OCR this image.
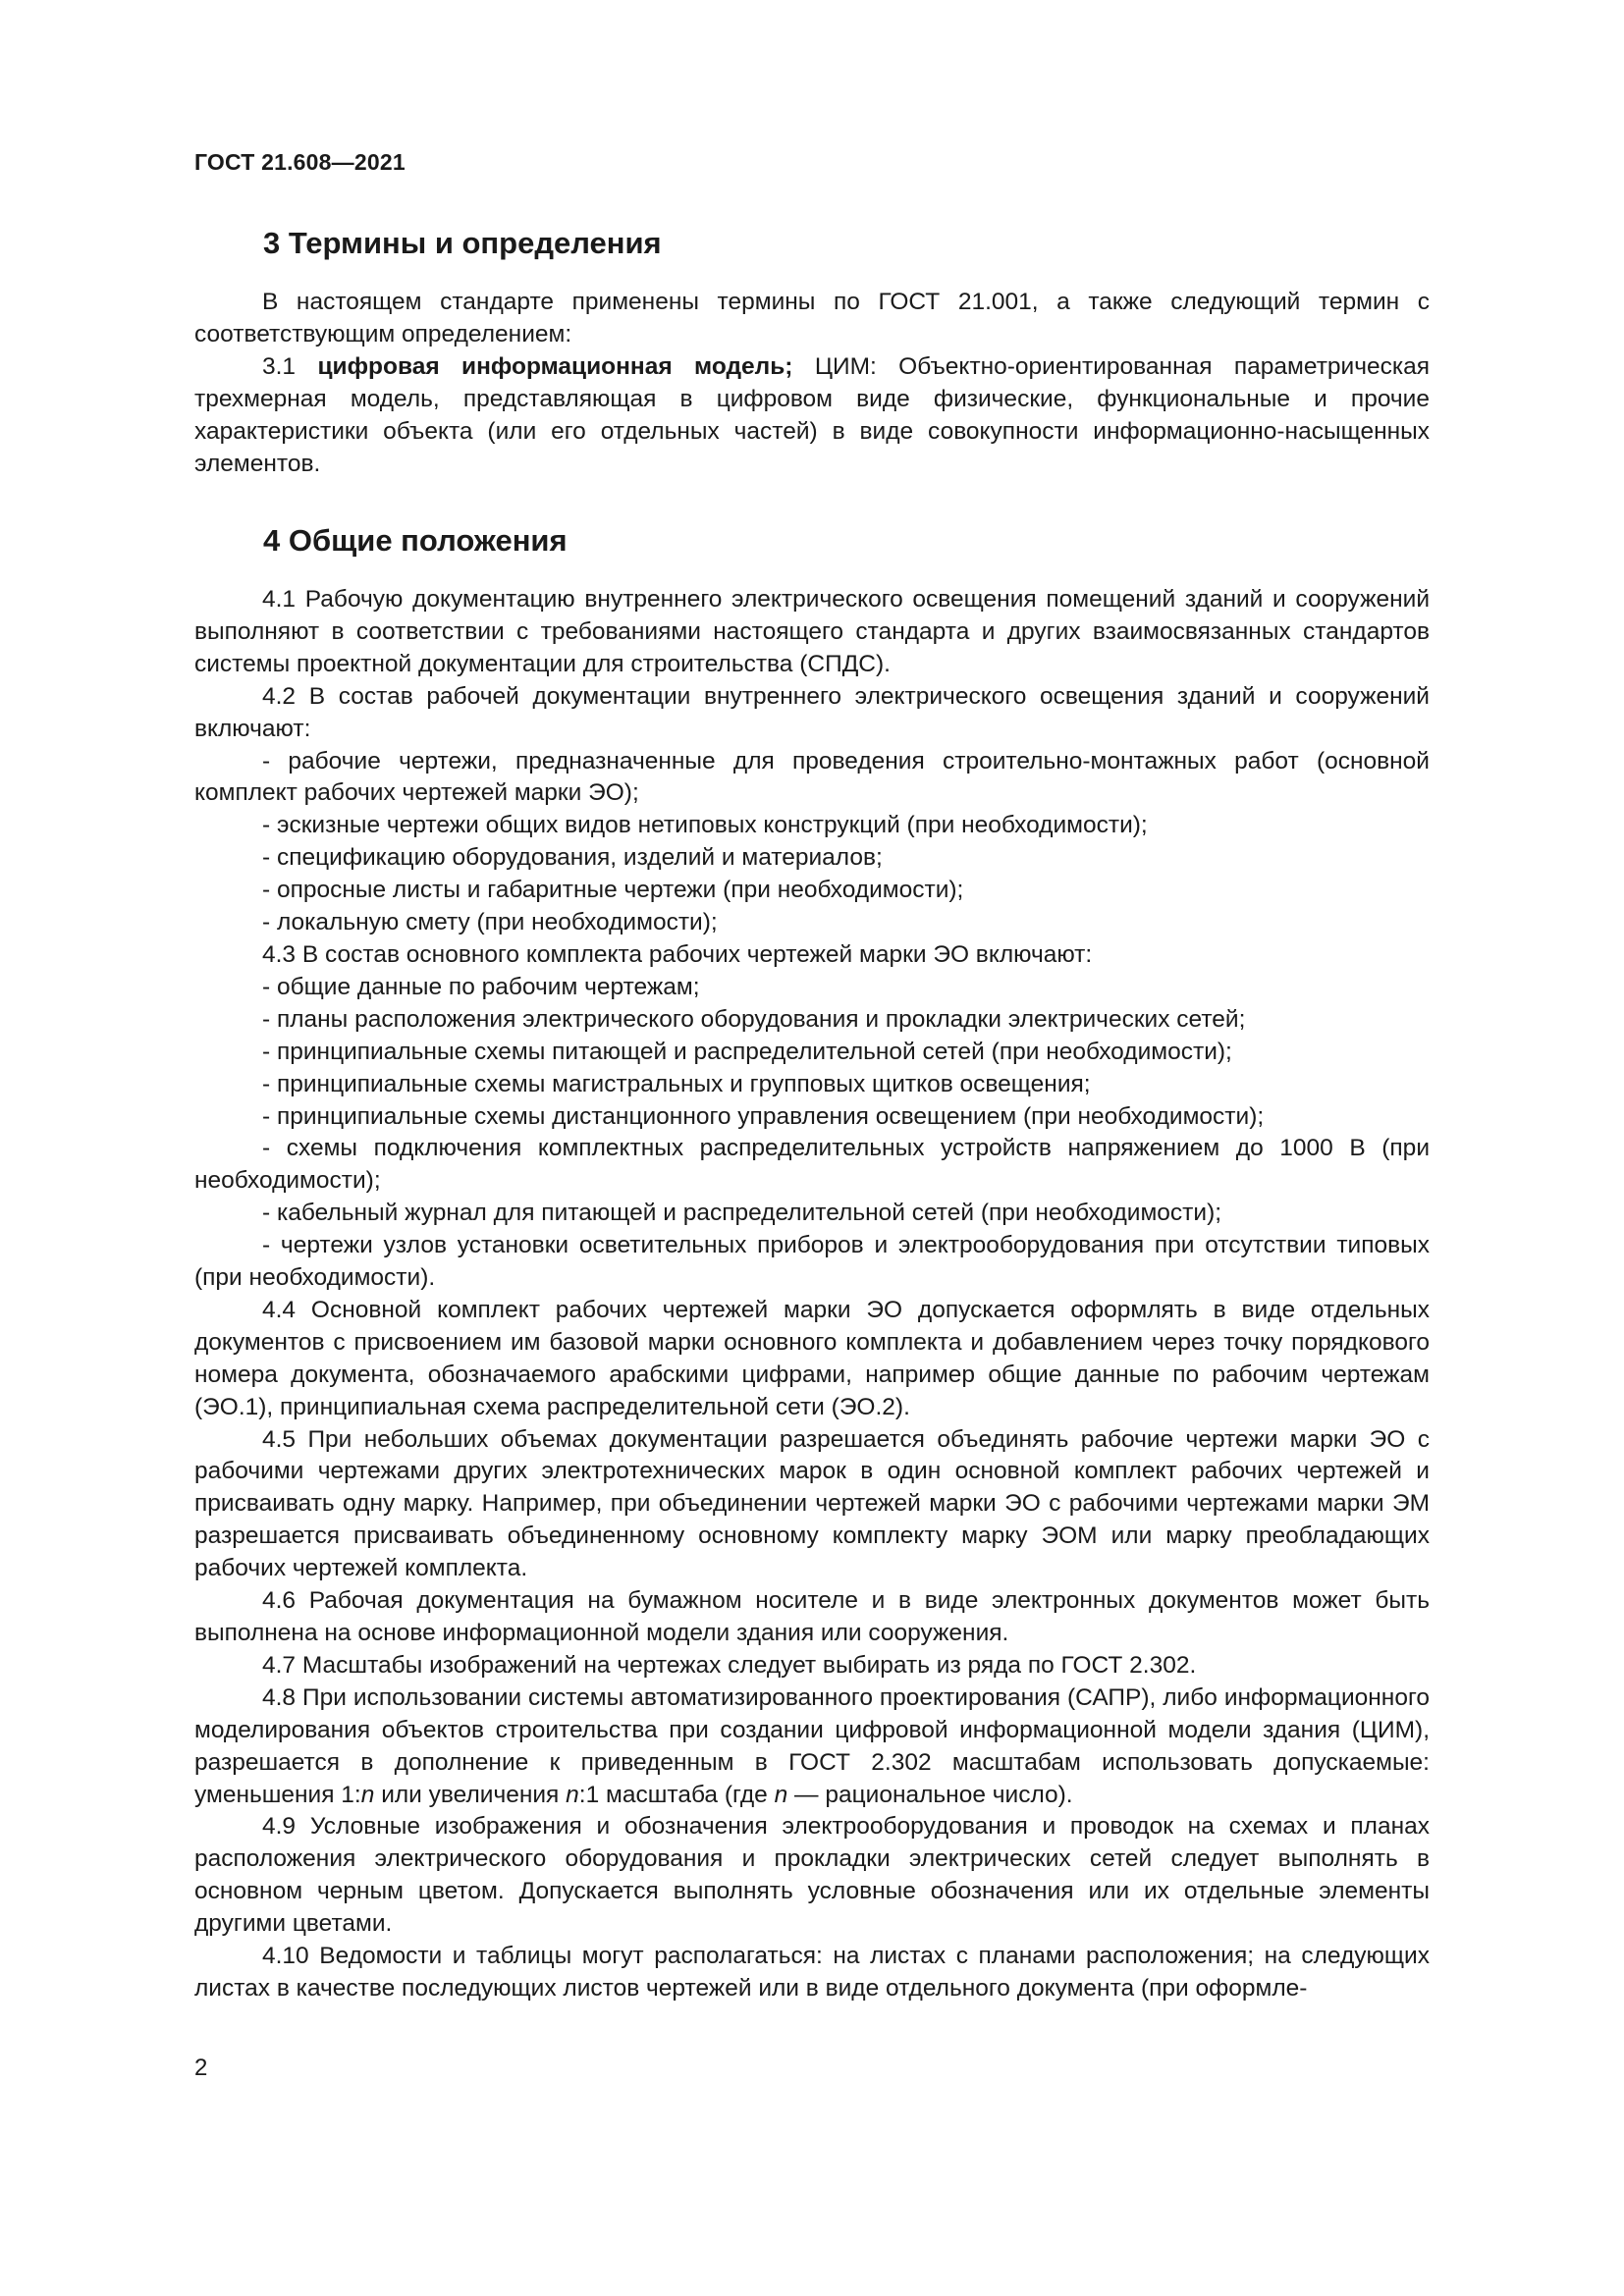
ГОСТ 21.608—2021
3 Термины и определения

В настоящем стандарте применены термины по ГОСТ 21.001, а также следующий термин с соответствующим определением:

3.1 цифровая информационная модель; ЦИМ: Объектно-ориентированная параметрическая трехмерная модель, представляющая в цифровом виде физические, функциональные и прочие характеристики объекта (или его отдельных частей) в виде совокупности информационно-насыщенных элементов.

4 Общие положения

4.1 Рабочую документацию внутреннего электрического освещения помещений зданий и сооружений выполняют в соответствии с требованиями настоящего стандарта и других взаимосвязанных стандартов системы проектной документации для строительства (СПДС).

4.2 В состав рабочей документации внутреннего электрического освещения зданий и сооружений включают:

- рабочие чертежи, предназначенные для проведения строительно-монтажных работ (основной комплект рабочих чертежей марки ЭО);

- эскизные чертежи общих видов нетиповых конструкций (при необходимости);

- спецификацию оборудования, изделий и материалов;

- опросные листы и габаритные чертежи (при необходимости);

- локальную смету (при необходимости);

4.3 В состав основного комплекта рабочих чертежей марки ЭО включают:

- общие данные по рабочим чертежам;

- планы расположения электрического оборудования и прокладки электрических сетей;

- принципиальные схемы питающей и распределительной сетей (при необходимости);

- принципиальные схемы магистральных и групповых щитков освещения;

- принципиальные схемы дистанционного управления освещением (при необходимости);

- схемы подключения комплектных распределительных устройств напряжением до 1000 В (при необходимости);

- кабельный журнал для питающей и распределительной сетей (при необходимости);

- чертежи узлов установки осветительных приборов и электрооборудования при отсутствии типовых (при необходимости).

4.4 Основной комплект рабочих чертежей марки ЭО допускается оформлять в виде отдельных документов с присвоением им базовой марки основного комплекта и добавлением через точку порядкового номера документа, обозначаемого арабскими цифрами, например общие данные по рабочим чертежам (ЭО.1), принципиальная схема распределительной сети (ЭО.2).

4.5 При небольших объемах документации разрешается объединять рабочие чертежи марки ЭО с рабочими чертежами других электротехнических марок в один основной комплект рабочих чертежей и присваивать одну марку. Например, при объединении чертежей марки ЭО с рабочими чертежами марки ЭМ разрешается присваивать объединенному основному комплекту марку ЭОМ или марку преобладающих рабочих чертежей комплекта.

4.6 Рабочая документация на бумажном носителе и в виде электронных документов может быть выполнена на основе информационной модели здания или сооружения.

4.7 Масштабы изображений на чертежах следует выбирать из ряда по ГОСТ 2.302.

4.8 При использовании системы автоматизированного проектирования (САПР), либо информационного моделирования объектов строительства при создании цифровой информационной модели здания (ЦИМ), разрешается в дополнение к приведенным в ГОСТ 2.302 масштабам использовать допускаемые: уменьшения 1:n или увеличения n:1 масштаба (где n — рациональное число).

4.9 Условные изображения и обозначения электрооборудования и проводок на схемах и планах расположения электрического оборудования и прокладки электрических сетей следует выполнять в основном черным цветом. Допускается выполнять условные обозначения или их отдельные элементы другими цветами.

4.10 Ведомости и таблицы могут располагаться: на листах с планами расположения; на следующих листах в качестве последующих листов чертежей или в виде отдельного документа (при оформле-

2
